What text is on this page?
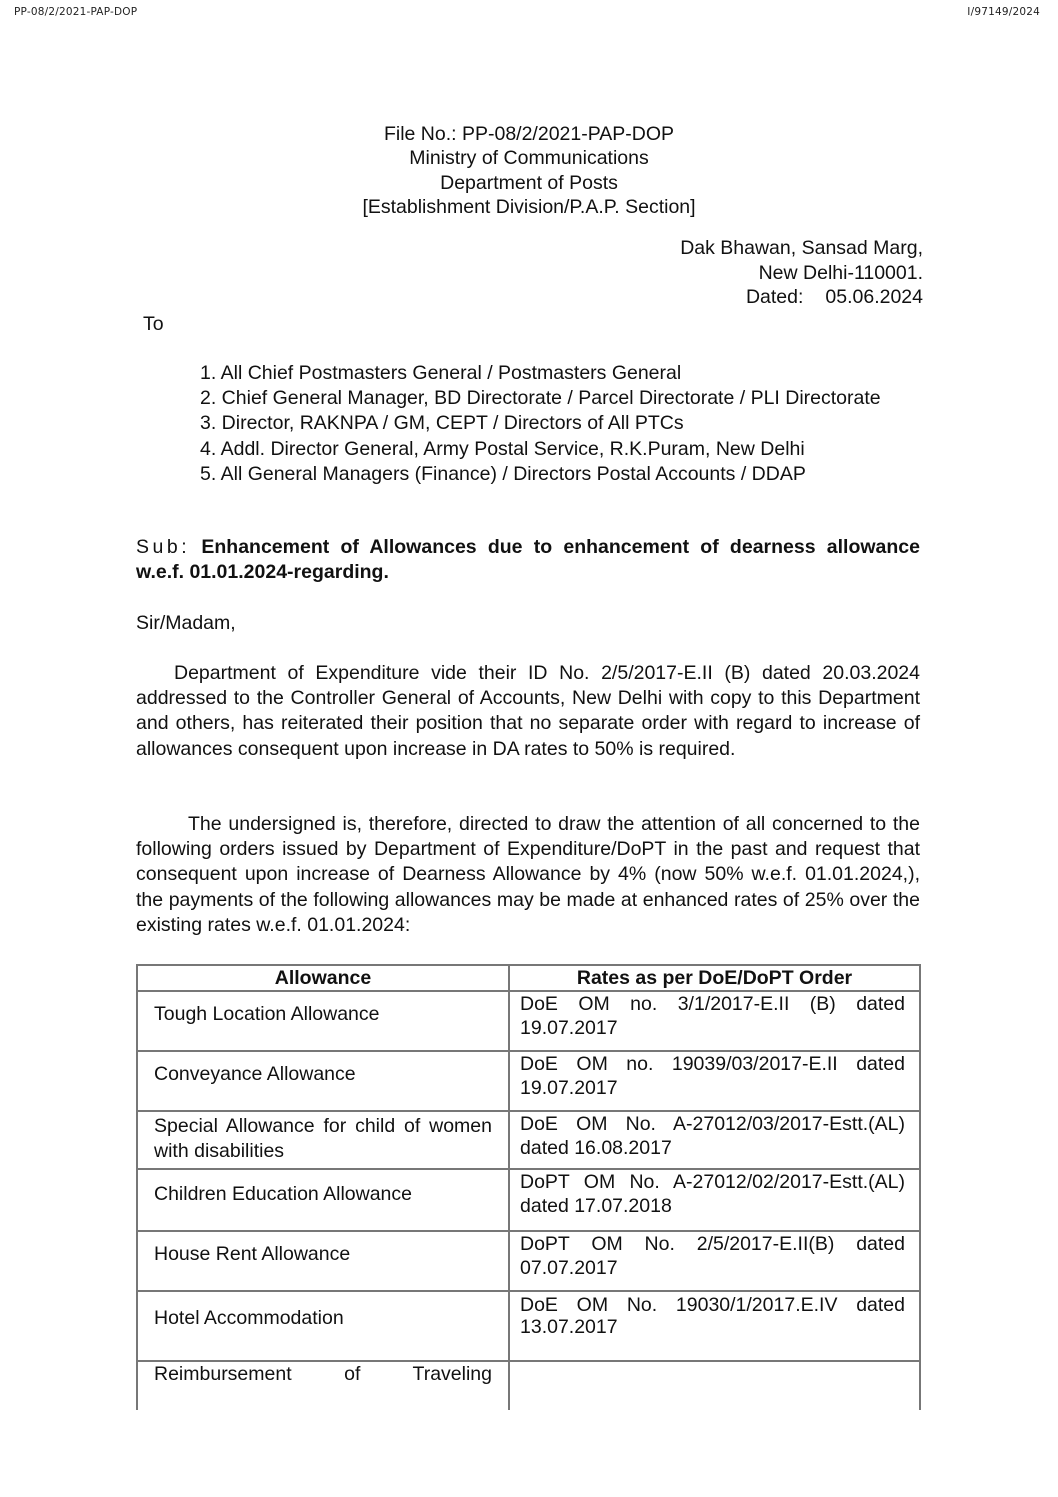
PP-08/2/2021-PAP-DOP	I/97149/2024
File No.: PP-08/2/2021-PAP-DOP
Ministry of Communications
Department of Posts
[Establishment Division/P.A.P. Section]
Dak Bhawan, Sansad Marg,
New Delhi-110001.
Dated: 05.06.2024
To
1. All Chief Postmasters General / Postmasters General
2. Chief General Manager, BD Directorate / Parcel Directorate / PLI Directorate
3. Director, RAKNPA / GM, CEPT / Directors of All PTCs
4. Addl. Director General, Army Postal Service, R.K.Puram, New Delhi
5. All General Managers (Finance) / Directors Postal Accounts / DDAP
Sub: Enhancement of Allowances due to enhancement of dearness allowance w.e.f. 01.01.2024-regarding.
Sir/Madam,
Department of Expenditure vide their ID No. 2/5/2017-E.II (B) dated 20.03.2024 addressed to the Controller General of Accounts, New Delhi with copy to this Department and others, has reiterated their position that no separate order with regard to increase of allowances consequent upon increase in DA rates to 50% is required.
The undersigned is, therefore, directed to draw the attention of all concerned to the following orders issued by Department of Expenditure/DoPT in the past and request that consequent upon increase of Dearness Allowance by 4% (now 50% w.e.f. 01.01.2024,), the payments of the following allowances may be made at enhanced rates of 25% over the existing rates w.e.f. 01.01.2024:
Allowance	Rates as per DoE/DoPT Order
Tough Location Allowance	DoE OM no. 3/1/2017-E.II (B) dated
19.07.2017

Conveyance Allowance	DoE OM no. 19039/03/2017-E.II dated
19.07.2017

Special Allowance for child of women with disabilities	DoE OM No. A-27012/03/2017-Estt.(AL)
dated 16.08.2017

Children Education Allowance	DoPT OM No. A-27012/02/2017-Estt.(AL)
dated 17.07.2018

House Rent Allowance	DoPT OM No. 2/5/2017-E.II(B) dated
07.07.2017

Hotel Accommodation	DoE OM No. 19030/1/2017.E.IV dated
13.07.2017

Reimbursement of Traveling	
